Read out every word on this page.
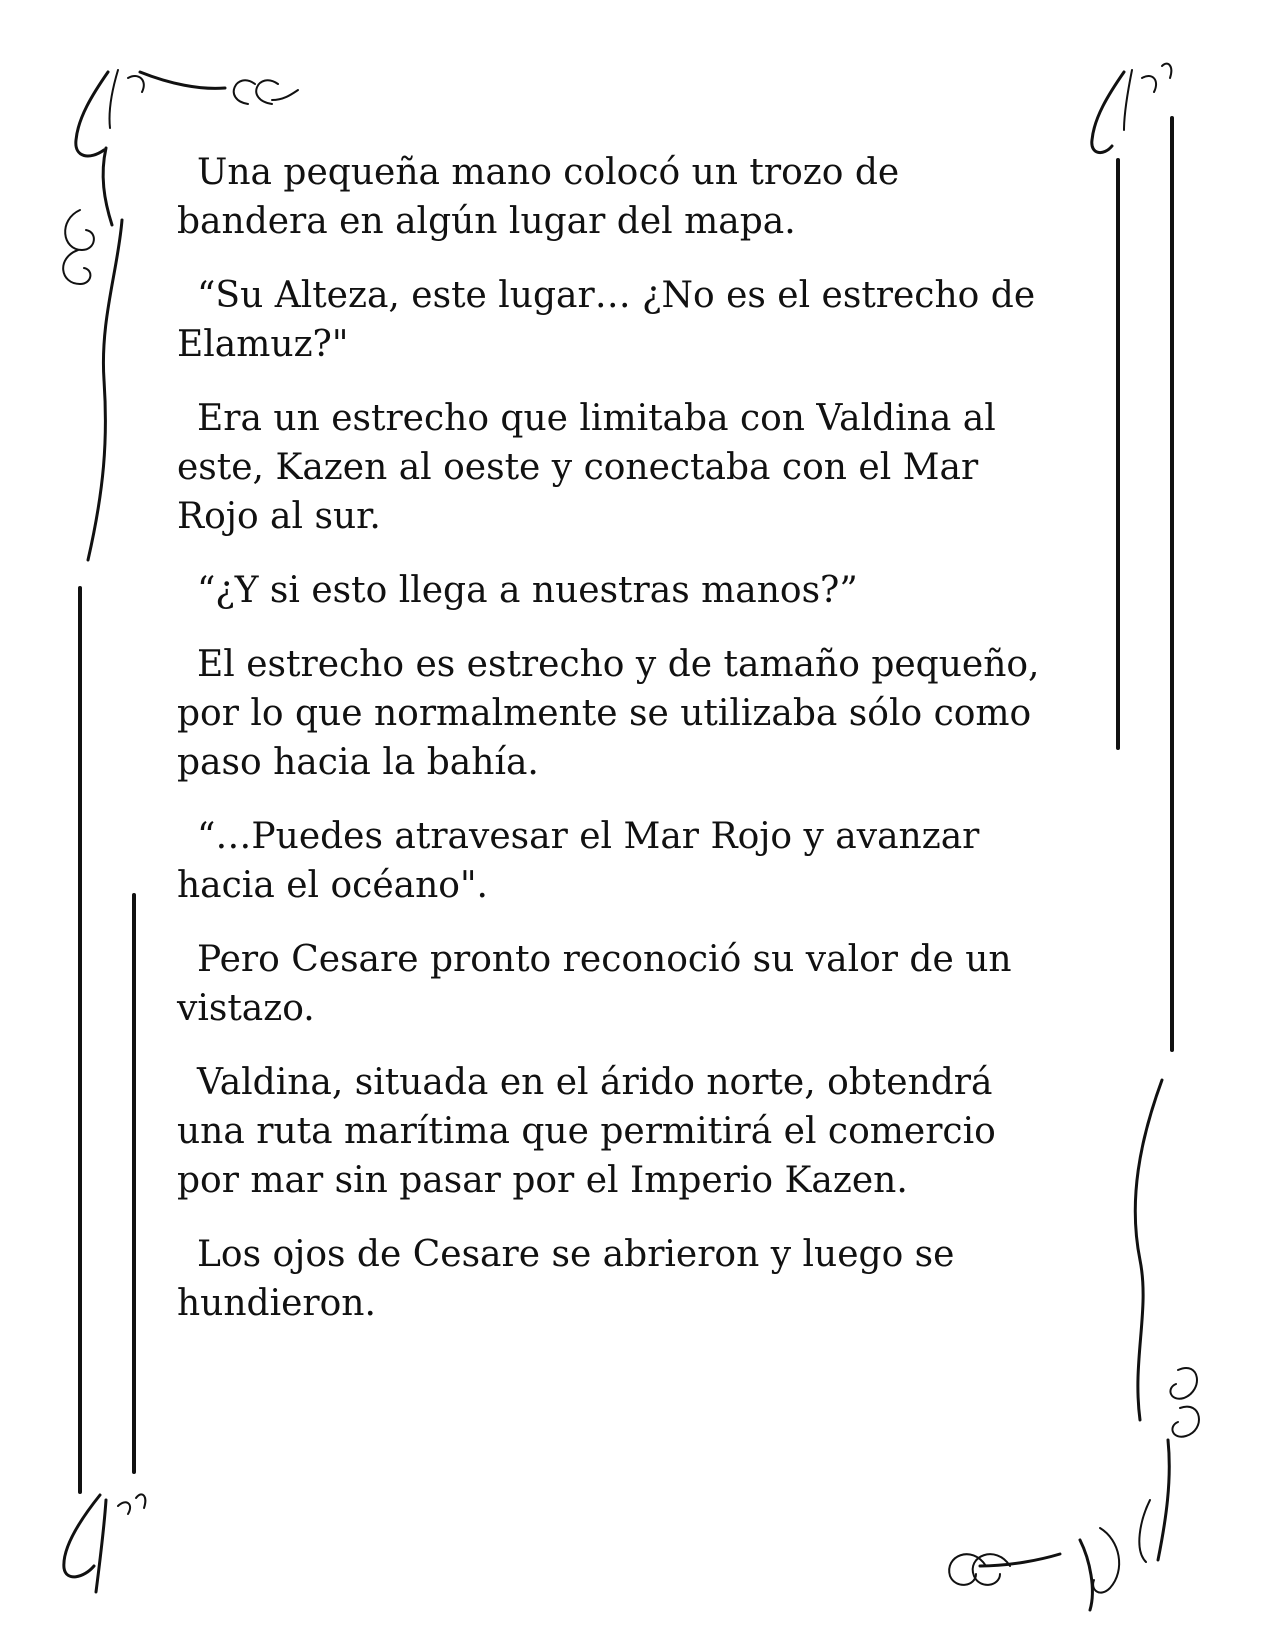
Una pequeña mano colocó un trozo de
bandera en algún lugar del mapa.

“Su Alteza, este lugar… ¿No es el estrecho de
Elamuz?"

Era un estrecho que limitaba con Valdina al
este, Kazen al oeste y conectaba con el Mar
Rojo al sur.

“¿Y si esto llega a nuestras manos?”

El estrecho es estrecho y de tamaño pequeño,
por lo que normalmente se utilizaba sólo como
paso hacia la bahía.

“…Puedes atravesar el Mar Rojo y avanzar
hacia el océano".

Pero Cesare pronto reconoció su valor de un
vistazo.

Valdina, situada en el árido norte, obtendrá
una ruta marítima que permitirá el comercio
por mar sin pasar por el Imperio Kazen.

Los ojos de Cesare se abrieron y luego se
hundieron.
